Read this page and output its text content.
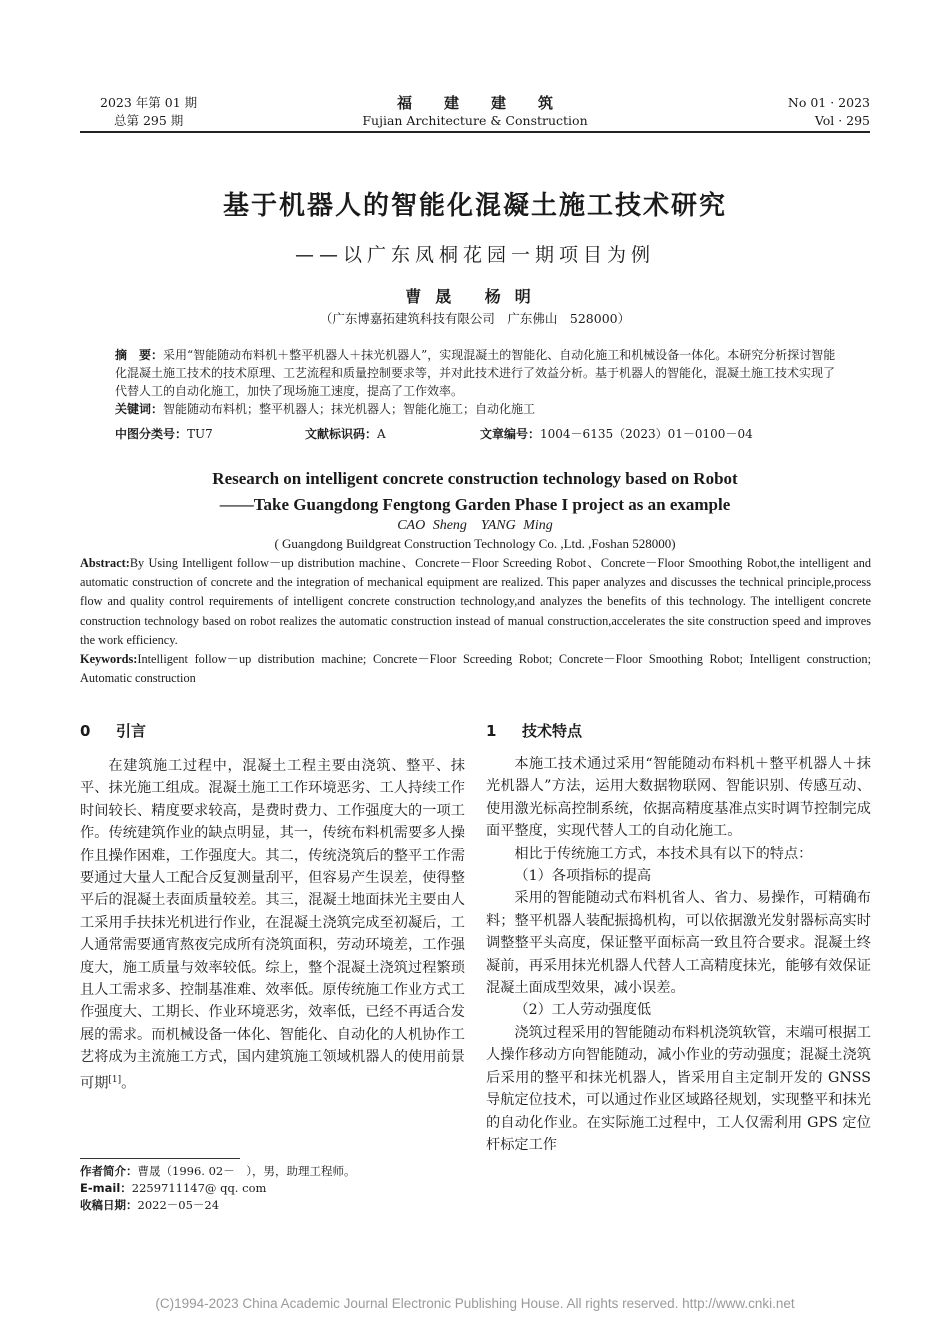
2023 年第 01 期
总第 295 期
福建建筑
Fujian Architecture & Construction
No 01 · 2023
Vol · 295
基于机器人的智能化混凝土施工技术研究
——以广东凤桐花园一期项目为例
曹晟 杨明
（广东博嘉拓建筑科技有限公司　广东佛山　528000）
摘　要：采用“智能随动布料机＋整平机器人＋抹光机器人”，实现混凝土的智能化、自动化施工和机械设备一体化。本研究分析探讨智能化混凝土施工技术的技术原理、工艺流程和质量控制要求等，并对此技术进行了效益分析。基于机器人的智能化，混凝土施工技术实现了代替人工的自动化施工，加快了现场施工速度，提高了工作效率。
关键词：智能随动布料机；整平机器人；抹光机器人；智能化施工；自动化施工
中图分类号：TU7	文献标识码：A	文章编号：1004－6135（2023）01－0100－04
Research on intelligent concrete construction technology based on Robot
——Take Guangdong Fengtong Garden Phase I project as an example
CAO Sheng　YANG Ming
( Guangdong Buildgreat Construction Technology Co. ,Ltd. ,Foshan 528000)
Abstract:By Using Intelligent follow－up distribution machine、Concrete－Floor Screeding Robot、Concrete－Floor Smoothing Robot,the intelligent and automatic construction of concrete and the integration of mechanical equipment are realized. This paper analyzes and discusses the technical principle,process flow and quality control requirements of intelligent concrete construction technology,and analyzes the benefits of this technology. The intelligent concrete construction technology based on robot realizes the automatic construction instead of manual construction,accelerates the site construction speed and improves the work efficiency.
Keywords:Intelligent follow－up distribution machine; Concrete－Floor Screeding Robot; Concrete－Floor Smoothing Robot; Intelligent construction; Automatic construction
0 引言

在建筑施工过程中，混凝土工程主要由浇筑、整平、抹平、抹光施工组成。混凝土施工工作环境恶劣、工人持续工作时间较长、精度要求较高，是费时费力、工作强度大的一项工作。传统建筑作业的缺点明显，其一，传统布料机需要多人操作且操作困难，工作强度大。其二，传统浇筑后的整平工作需要通过大量人工配合反复测量刮平，但容易产生误差，使得整平后的混凝土表面质量较差。其三，混凝土地面抹光主要由人工采用手扶抹光机进行作业，在混凝土浇筑完成至初凝后，工人通常需要通宵熬夜完成所有浇筑面积，劳动环境差，工作强度大，施工质量与效率较低。综上，整个混凝土浇筑过程繁琐且人工需求多、控制基准难、效率低。原传统施工作业方式工作强度大、工期长、作业环境恶劣，效率低，已经不再适合发展的需求。而机械设备一体化、智能化、自动化的人机协作工艺将成为主流施工方式，国内建筑施工领域机器人的使用前景可期[1]。

1 技术特点

本施工技术通过采用“智能随动布料机＋整平机器人＋抹光机器人”方法，运用大数据物联网、智能识别、传感互动、使用激光标高控制系统，依据高精度基准点实时调节控制完成面平整度，实现代替人工的自动化施工。

相比于传统施工方式，本技术具有以下的特点：

（1）各项指标的提高

采用的智能随动式布料机省人、省力、易操作，可精确布料；整平机器人装配振捣机构，可以依据激光发射器标高实时调整整平头高度，保证整平面标高一致且符合要求。混凝土终凝前，再采用抹光机器人代替人工高精度抹光，能够有效保证混凝土面成型效果，减小误差。

（2）工人劳动强度低

浇筑过程采用的智能随动布料机浇筑软管，末端可根据工人操作移动方向智能随动，减小作业的劳动强度；混凝土浇筑后采用的整平和抹光机器人，皆采用自主定制开发的 GNSS 导航定位技术，可以通过作业区域路径规划，实现整平和抹光的自动化作业。在实际施工过程中，工人仅需利用 GPS 定位杆标定工作

作者简介：曹晟（1996. 02－　），男，助理工程师。
E-mail：2259711147@ qq. com
收稿日期：2022－05－24
(C)1994-2023 China Academic Journal Electronic Publishing House. All rights reserved. http://www.cnki.net
